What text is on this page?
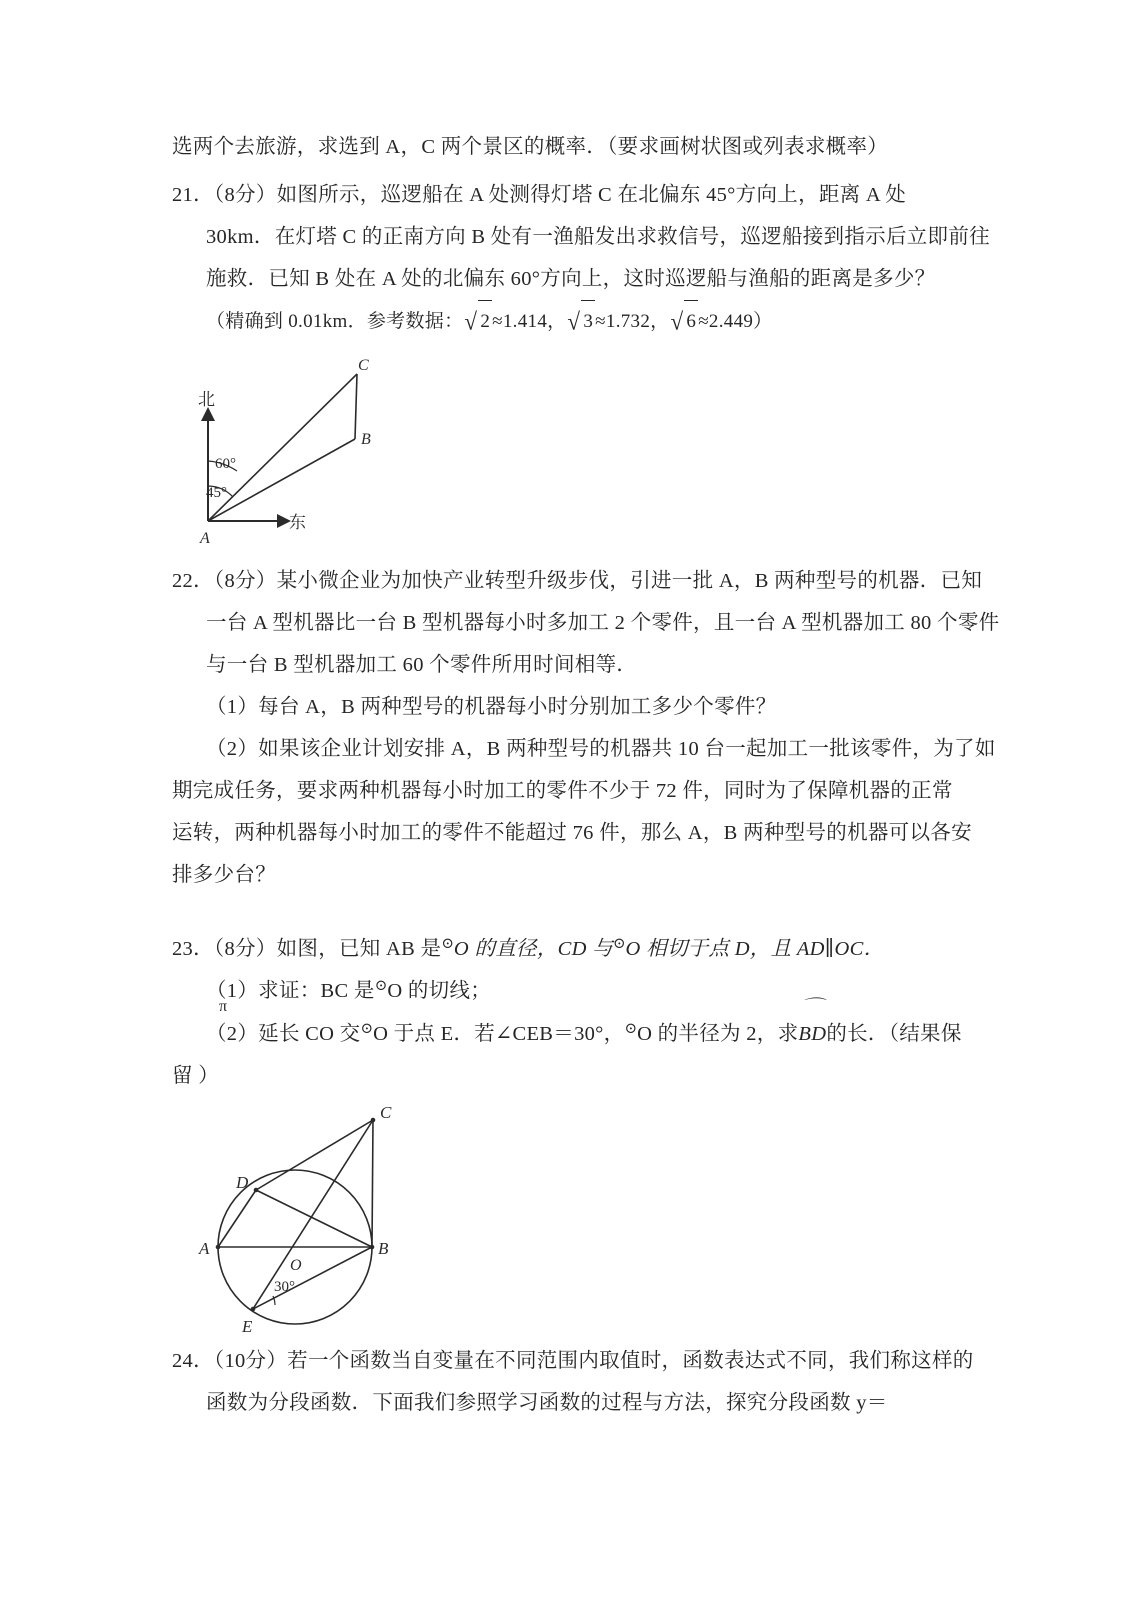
选两个去旅游，求选到 A，C 两个景区的概率．（要求画树状图或列表求概率）
21．（8分）如图所示，巡逻船在 A 处测得灯塔 C 在北偏东 45°方向上，距离 A 处
30km．在灯塔 C 的正南方向 B 处有一渔船发出求救信号，巡逻船接到指示后立即前往
施救．已知 B 处在 A 处的北偏东 60°方向上，这时巡逻船与渔船的距离是多少？
（精确到 0.01km．参考数据：√ 2 ≈1.414，√ 3 ≈1.732，√ 6 ≈2.449）
北
东
A
B
C
60°
45°
22．（8分）某小微企业为加快产业转型升级步伐，引进一批 A，B 两种型号的机器．已知
一台 A 型机器比一台 B 型机器每小时多加工 2 个零件，且一台 A 型机器加工 80 个零件
与一台 B 型机器加工 60 个零件所用时间相等．
（1）每台 A，B 两种型号的机器每小时分别加工多少个零件？
（2）如果该企业计划安排 A，B 两种型号的机器共 10 台一起加工一批该零件，为了如
期完成任务，要求两种机器每小时加工的零件不少于 72 件，同时为了保障机器的正常
运转，两种机器每小时加工的零件不能超过 76 件，那么 A，B 两种型号的机器可以各安
排多少台？
23．（8分）如图，已知 AB 是⊙O 的直径，CD 与⊙O 相切于点 D，且 AD∥OC．
（1）求证：BC 是⊙O 的切线；
π
（2）延长 CO 交⊙O 于点 E．若∠CEB＝30°，⊙O 的半径为 2，求
⌒
BD的长．（结果保
留 ）
A	B
C
D
E
O
30°
24．（10分）若一个函数当自变量在不同范围内取值时，函数表达式不同，我们称这样的
函数为分段函数．下面我们参照学习函数的过程与方法，探究分段函数 y＝
